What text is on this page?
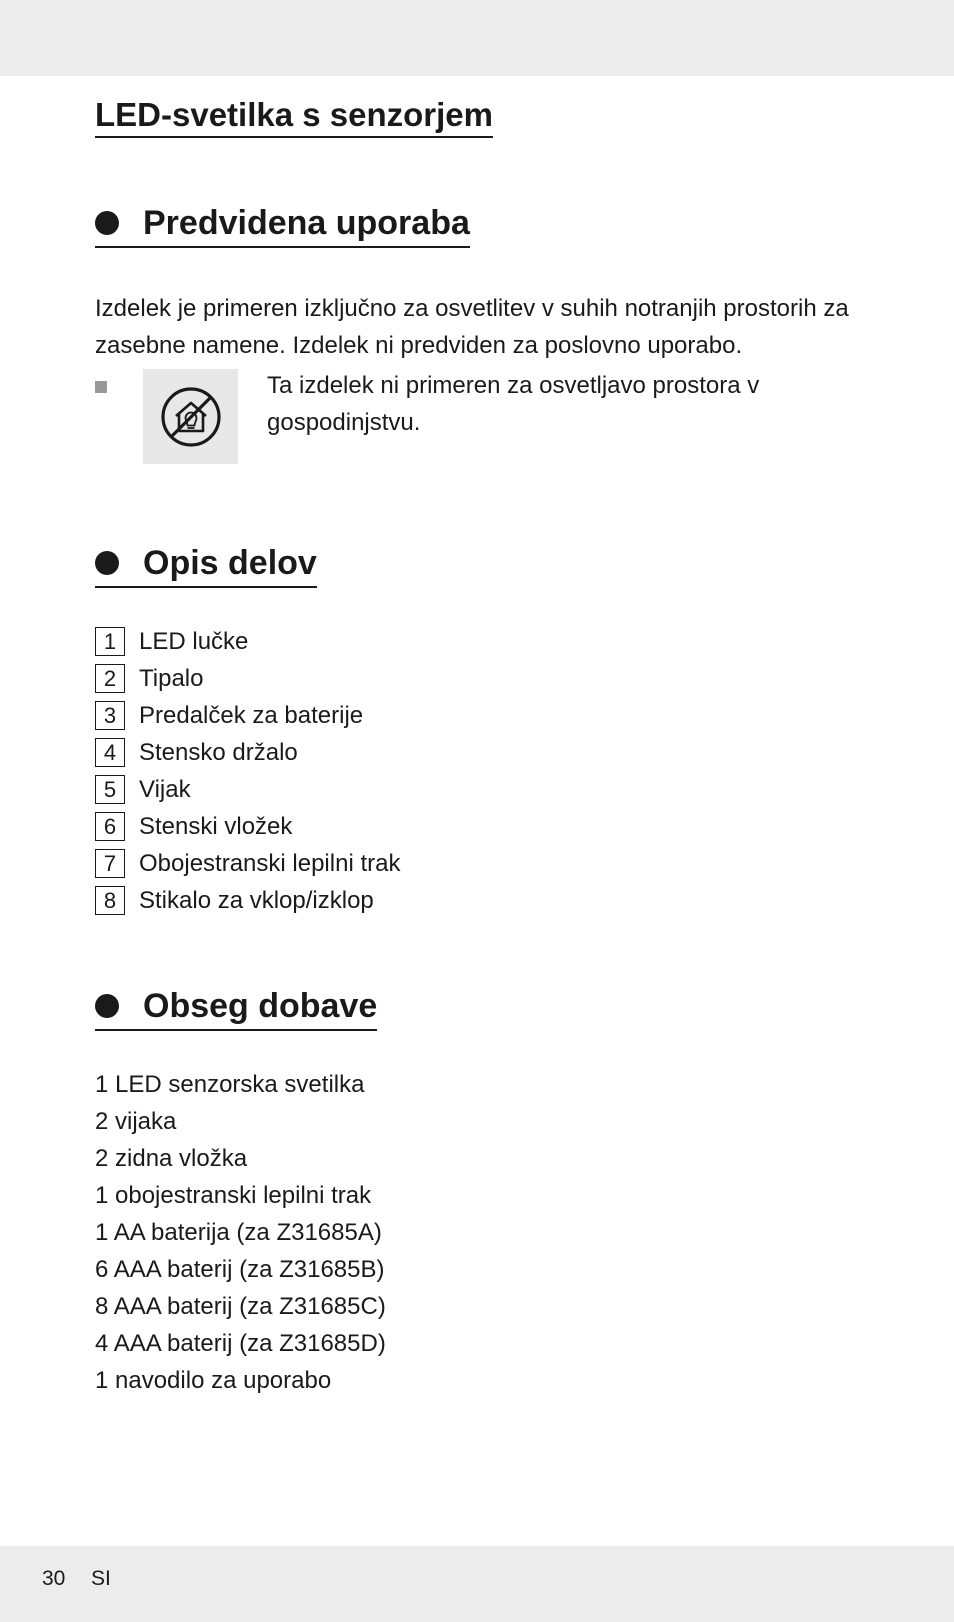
LED-svetilka s senzorjem
Predvidena uporaba

Izdelek je primeren izključno za osvetlitev v suhih notranjih prostorih za zasebne namene. Izdelek ni predviden za poslovno uporabo.

Ta izdelek ni primeren za osvetljavo prostora v gospodinjstvu.
Opis delov
1 LED lučke
2 Tipalo
3 Predalček za baterije
4 Stensko držalo
5 Vijak
6 Stenski vložek
7 Obojestranski lepilni trak
8 Stikalo za vklop/izklop
Obseg dobave
1 LED senzorska svetilka
2 vijaka
2 zidna vložka
1 obojestranski lepilni trak
1 AA baterija (za Z31685A)
6 AAA baterij (za Z31685B)
8 AAA baterij (za Z31685C)
4 AAA baterij (za Z31685D)
1 navodilo za uporabo
30 SI
